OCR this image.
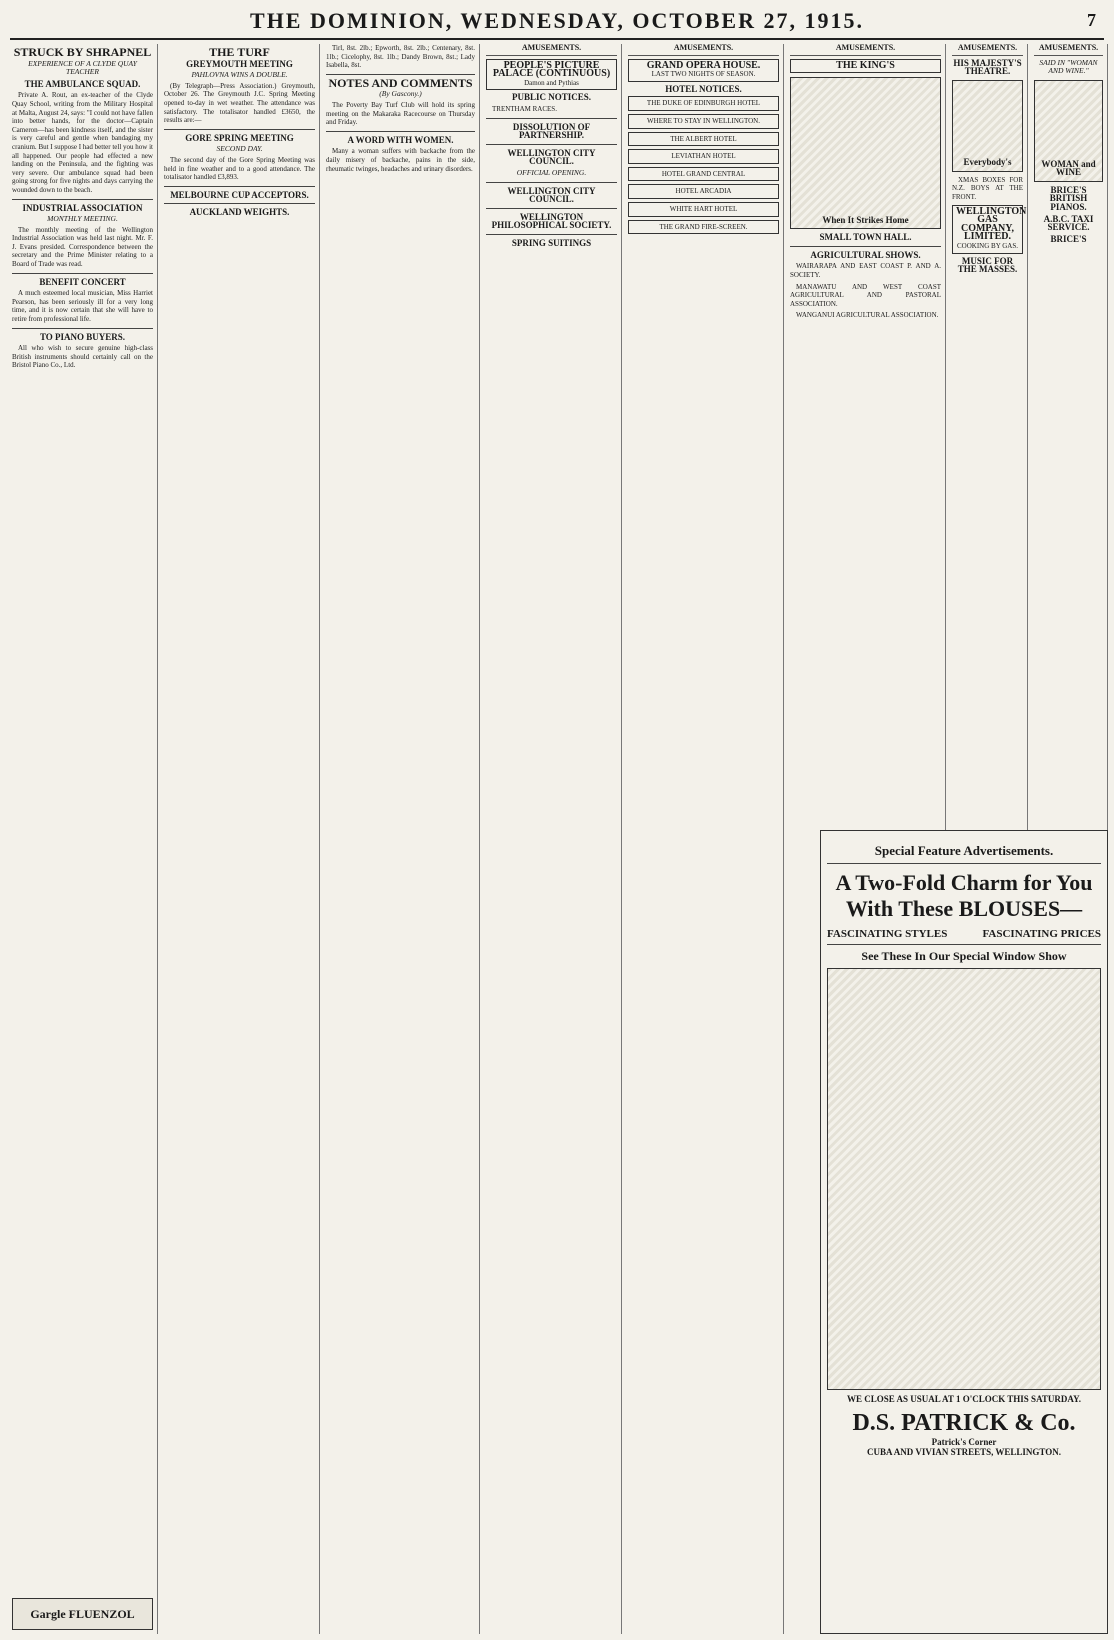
THE DOMINION, WEDNESDAY, OCTOBER 27, 1915.	7
STRUCK BY SHRAPNEL
EXPERIENCE OF A CLYDE QUAY TEACHER
THE AMBULANCE SQUAD.

Private A. Rout, an ex-teacher of the Clyde Quay School, writing from the Military Hospital at Malta, August 24, says: "I could not have fallen into better hands, for the doctor—Captain Cameron—has been kindness itself, and the sister is very careful and gentle when bandaging my cranium. But I suppose I had better tell you how it all happened. Our people had effected a new landing on the Peninsula, and the fighting was very severe. Our ambulance squad had been going strong for five nights and days carrying the wounded down to the beach.

INDUSTRIAL ASSOCIATION
MONTHLY MEETING.

The monthly meeting of the Wellington Industrial Association was held last night. Mr. F. J. Evans presided. Correspondence between the secretary and the Prime Minister relating to a Board of Trade was read.

BENEFIT CONCERT

A much esteemed local musician, Miss Harriet Pearson, has been seriously ill for a very long time, and it is now certain that she will have to retire from professional life.

TO PIANO BUYERS.

All who wish to secure genuine high-class British instruments should certainly call on the Bristol Piano Co., Ltd.

Gargle FLUENZOL
THE TURF
GREYMOUTH MEETING
PAHLOVNA WINS A DOUBLE.

(By Telegraph—Press Association.) Greymouth, October 26. The Greymouth J.C. Spring Meeting opened to-day in wet weather. The attendance was satisfactory. The totalisator handled £3650, the results are:—

GORE SPRING MEETING
SECOND DAY.

The second day of the Gore Spring Meeting was held in fine weather and to a good attendance. The totalisator handled £3,893.

MELBOURNE CUP ACCEPTORS.
AUCKLAND WEIGHTS.

Tirl, 8st. 2lb.; Epworth, 8st. 2lb.; Centenary, 8st. 1lb.; Cicelophy, 8st. 1lb.; Dandy Brown, 8st.; Lady Isabella, 8st.

NOTES AND COMMENTS
(By Gascony.)

The Poverty Bay Turf Club will hold its spring meeting on the Makaraka Racecourse on Thursday and Friday.

A WORD WITH WOMEN.

Many a woman suffers with backache from the daily misery of backache, pains in the side, rheumatic twinges, headaches and urinary disorders.

AMUSEMENTS.
PEOPLE'S PICTURE PALACE (CONTINUOUS)
Damon and Pythias
PUBLIC NOTICES.

TRENTHAM RACES.

DISSOLUTION OF PARTNERSHIP.
WELLINGTON CITY COUNCIL.
OFFICIAL OPENING.
WELLINGTON CITY COUNCIL.
WELLINGTON PHILOSOPHICAL SOCIETY.
SPRING SUITINGS
AMUSEMENTS.
GRAND OPERA HOUSE.
LAST TWO NIGHTS OF SEASON.
HOTEL NOTICES.
THE DUKE OF EDINBURGH HOTEL
WHERE TO STAY IN WELLINGTON.
THE ALBERT HOTEL
LEVIATHAN HOTEL
HOTEL GRAND CENTRAL
HOTEL ARCADIA
WHITE HART HOTEL
THE GRAND FIRE-SCREEN.
AMUSEMENTS.
THE KING'S
When It Strikes Home
SMALL TOWN HALL.
AGRICULTURAL SHOWS.

WAIRARAPA AND EAST COAST P. AND A. SOCIETY.

MANAWATU AND WEST COAST AGRICULTURAL AND PASTORAL ASSOCIATION.

WANGANUI AGRICULTURAL ASSOCIATION.

AMUSEMENTS.
HIS MAJESTY'S THEATRE.
Everybody's

XMAS BOXES FOR N.Z. BOYS AT THE FRONT.

WELLINGTON GAS COMPANY, LIMITED.
COOKING BY GAS.
MUSIC FOR THE MASSES.
AMUSEMENTS.
SAID IN "WOMAN AND WINE."
WOMAN and WINE
BRICE'S BRITISH PIANOS.
A.B.C. TAXI SERVICE.
BRICE'S
Special Feature Advertisements.
A Two-Fold Charm for You With These BLOUSES—
FASCINATING STYLES	FASCINATING PRICES
See These In Our Special Window Show
WE CLOSE AS USUAL AT 1 O'CLOCK THIS SATURDAY.
D.S. PATRICK & Co.
Patrick's Corner
CUBA AND VIVIAN STREETS, WELLINGTON.
